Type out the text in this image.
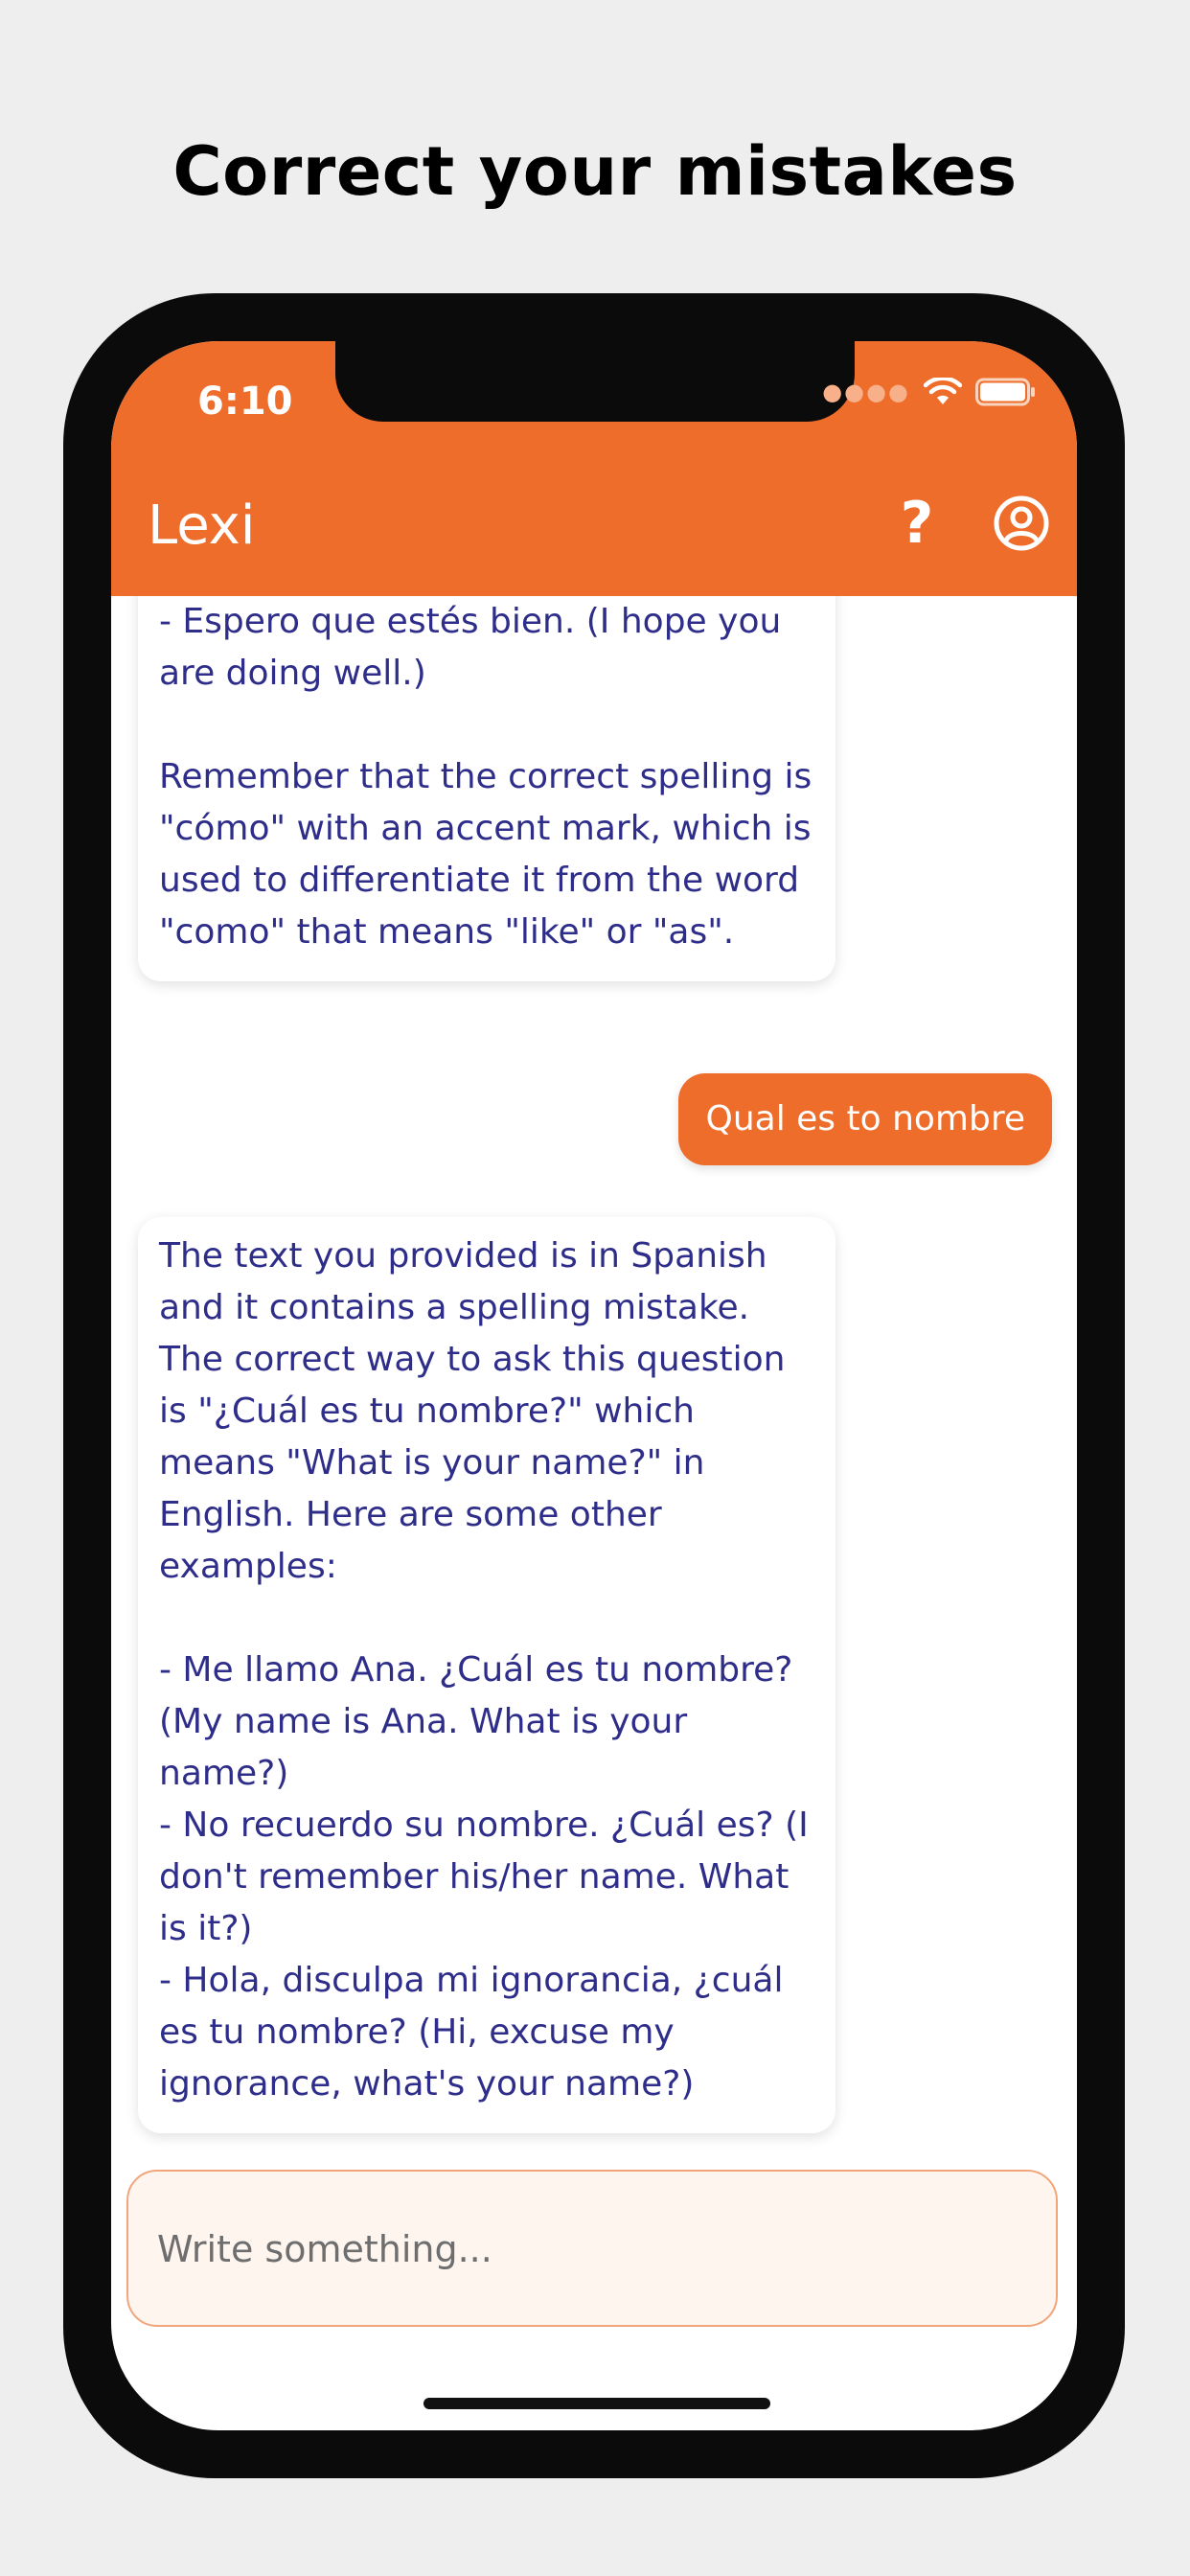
Correct your mistakes
6:10	●●●●
Lexi	?
- Espero que estés bien. (I hope you are doing well.)

Remember that the correct spelling is "cómo" with an accent mark, which is used to differentiate it from the word "como" that means "like" or "as".
Qual es to nombre
The text you provided is in Spanish and it contains a spelling mistake. The correct way to ask this question is "¿Cuál es tu nombre?" which means "What is your name?" in English. Here are some other examples:

- Me llamo Ana. ¿Cuál es tu nombre? (My name is Ana. What is your name?)
- No recuerdo su nombre. ¿Cuál es? (I don't remember his/her name. What is it?)
- Hola, disculpa mi ignorancia, ¿cuál es tu nombre? (Hi, excuse my ignorance, what's your name?)
Write something...
